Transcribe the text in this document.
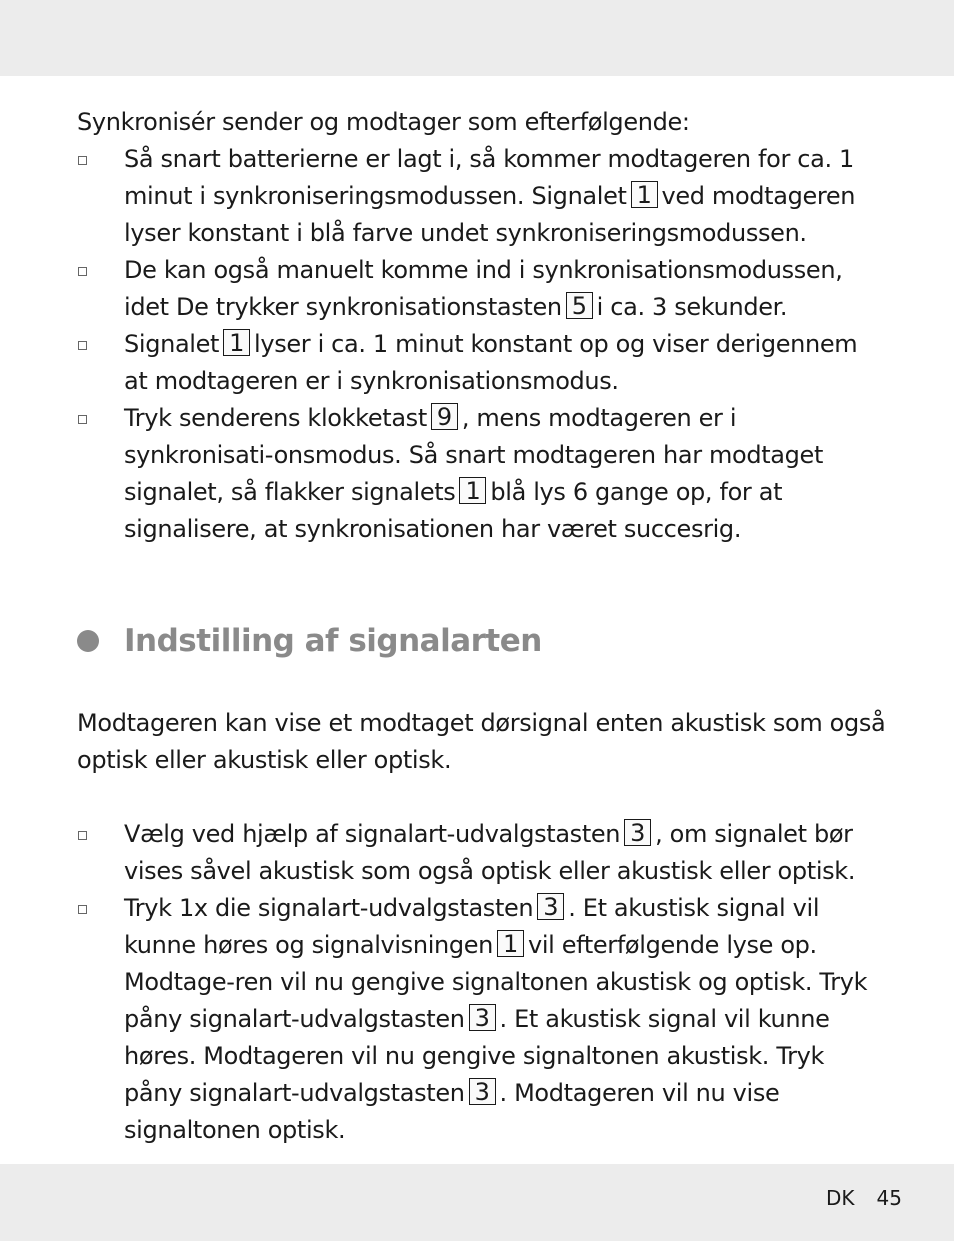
Synkronisér sender og modtager som efterfølgende:

Så snart batterierne er lagt i, så kommer modtageren for ca. 1 minut i synkroniseringsmodussen. Signalet 1 ved modtageren lyser konstant i blå farve undet synkroniseringsmodussen.
De kan også manuelt komme ind i synkronisationsmodussen, idet De trykker synkronisationstasten 5 i ca. 3 sekunder.
Signalet 1 lyser i ca. 1 minut konstant op og viser derigennem at modtageren er i synkronisationsmodus.
Tryk senderens klokketast 9 , mens modtageren er i synkronisati-onsmodus. Så snart modtageren har modtaget signalet, så flakker signalets 1 blå lys 6 gange op, for at signalisere, at synkronisationen har været succesrig.
Indstilling af signalarten

Modtageren kan vise et modtaget dørsignal enten akustisk som også optisk eller akustisk eller optisk.

Vælg ved hjælp af signalart-udvalgstasten 3 , om signalet bør vises såvel akustisk som også optisk eller akustisk eller optisk.
Tryk 1x die signalart-udvalgstasten 3 . Et akustisk signal vil kunne høres og signalvisningen 1 vil efterfølgende lyse op. Modtage-ren vil nu gengive signaltonen akustisk og optisk. Tryk påny signalart-udvalgstasten 3 . Et akustisk signal vil kunne høres. Modtageren vil nu gengive signaltonen akustisk. Tryk påny signalart-udvalgstasten 3 . Modtageren vil nu vise signaltonen optisk.
DK 45
